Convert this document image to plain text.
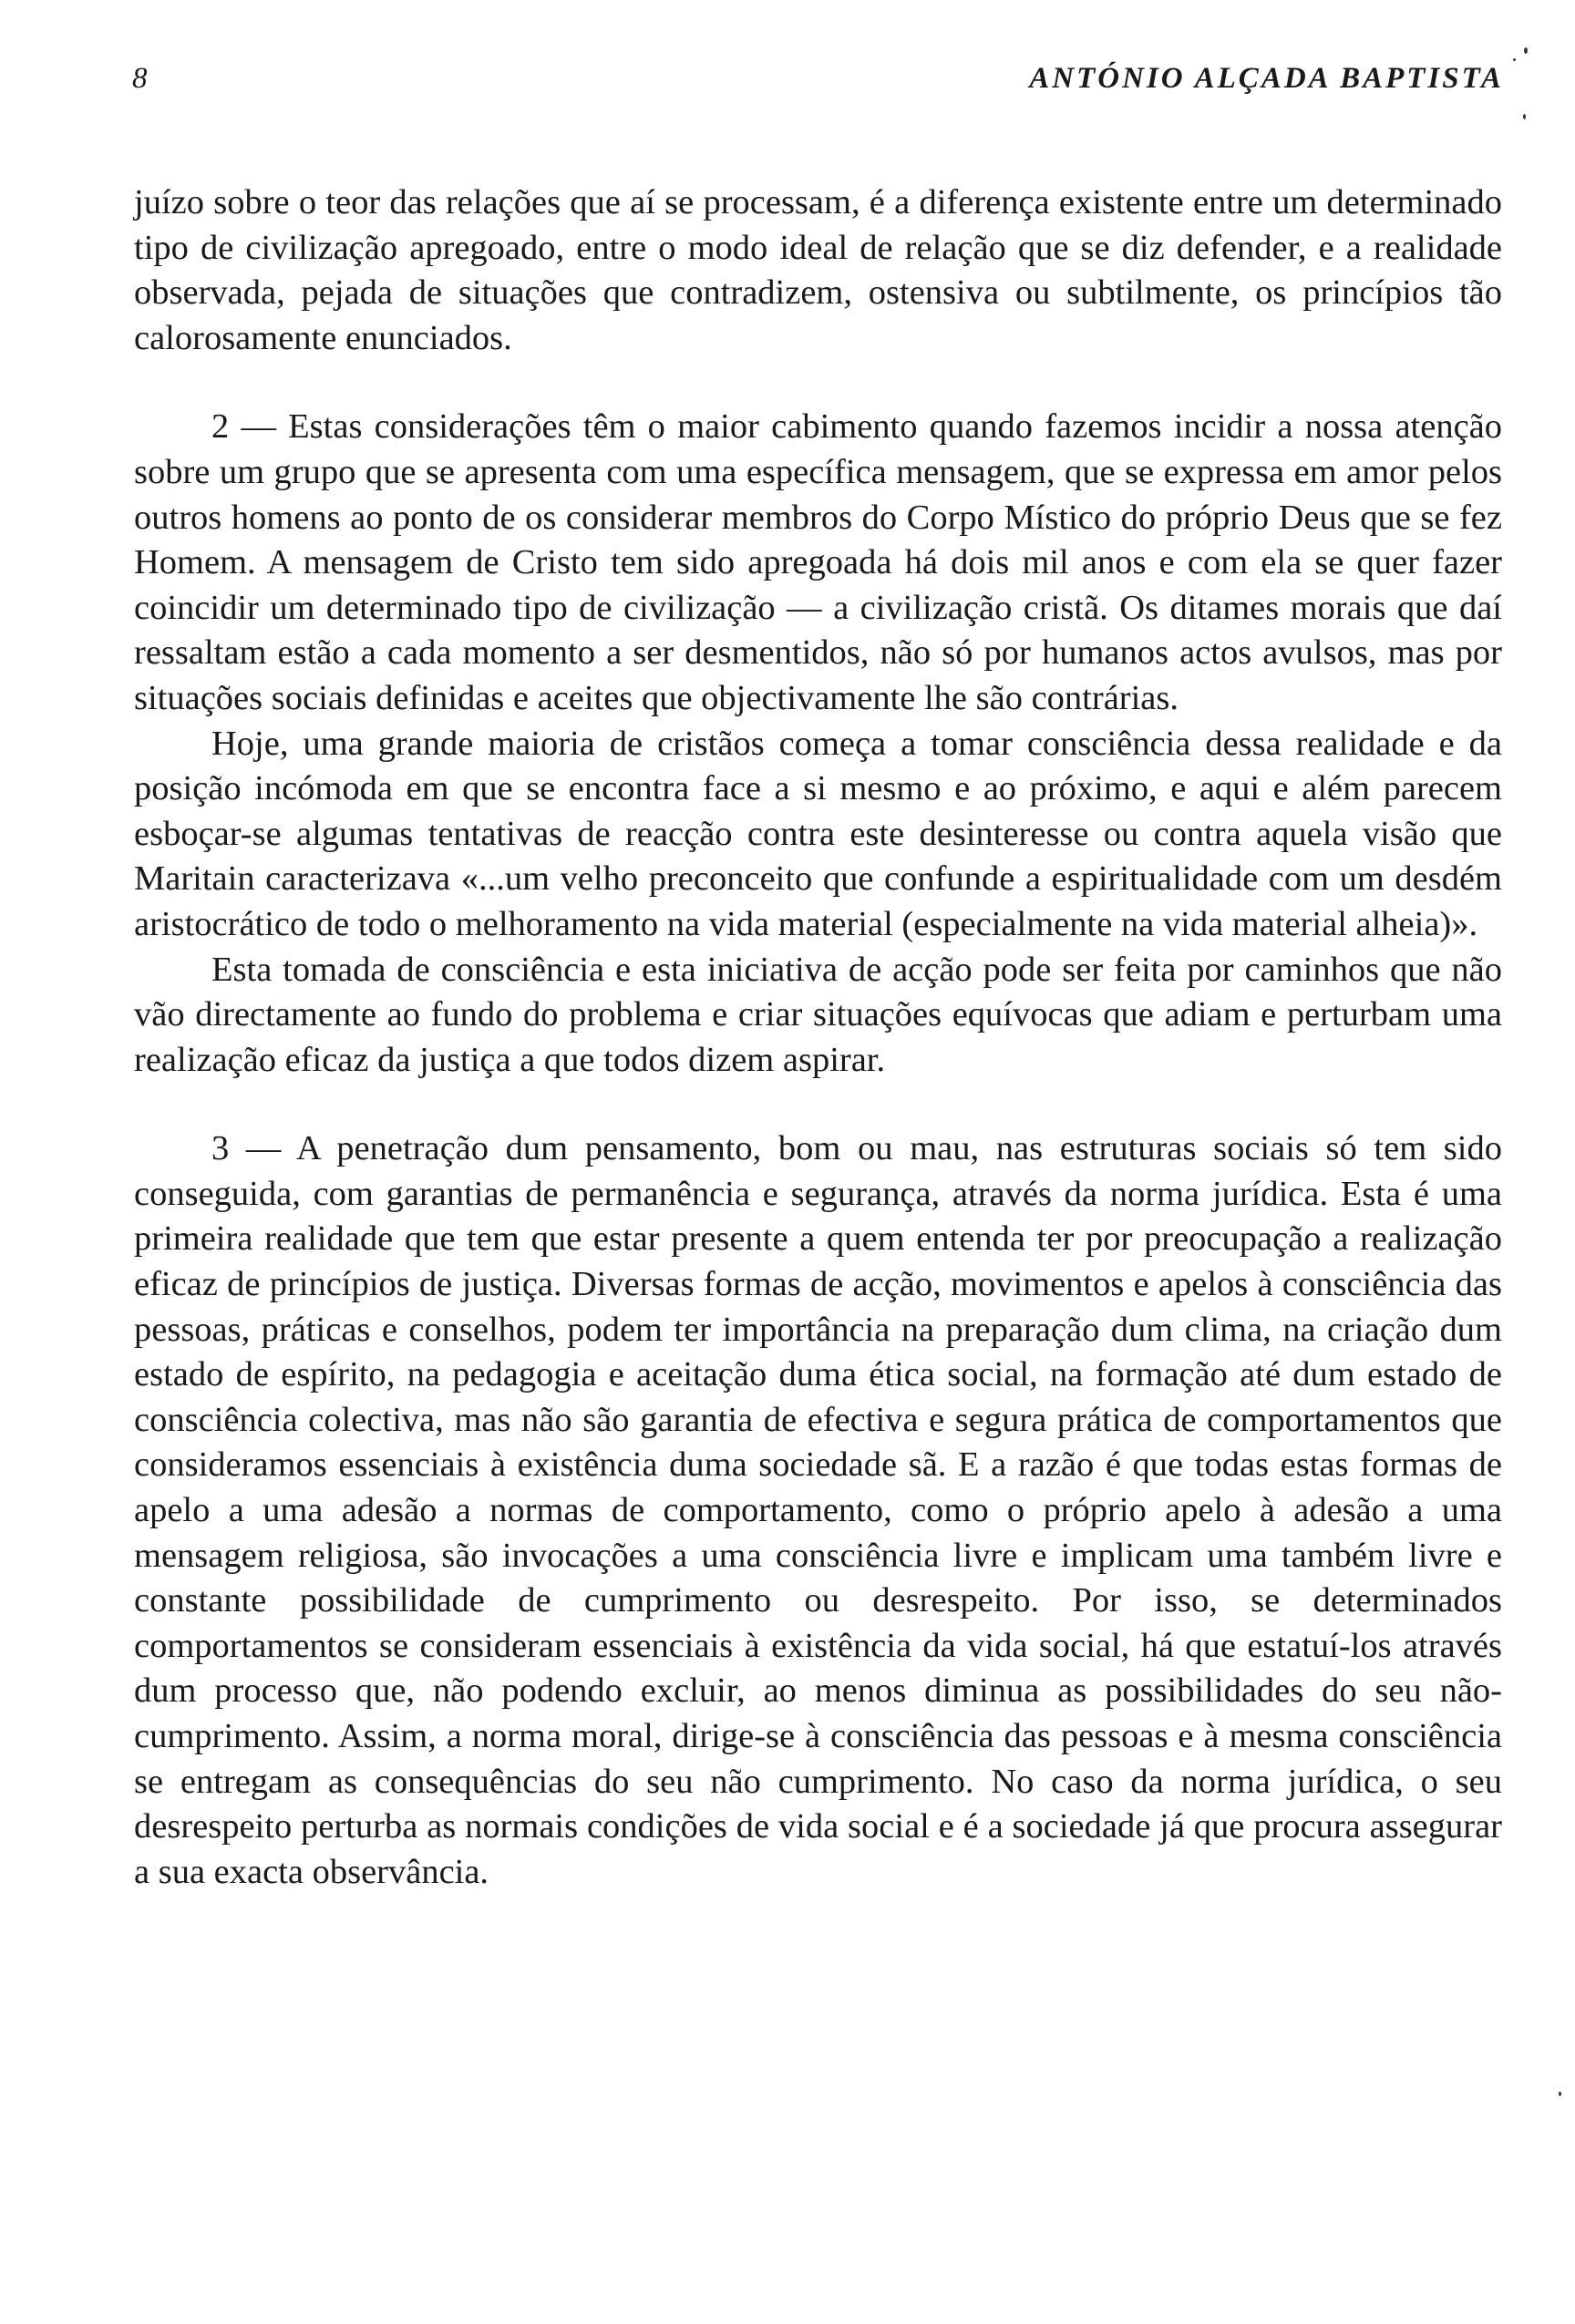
8	ANTÓNIO ALÇADA BAPTISTA

juízo sobre o teor das relações que aí se processam, é a diferença existente entre um determinado tipo de civilização apregoado, entre o modo ideal de relação que se diz defender, e a realidade observada, pejada de situações que contradizem, ostensiva ou subtilmente, os princípios tão calorosamente enunciados.

2 — Estas considerações têm o maior cabimento quando fazemos incidir a nossa atenção sobre um grupo que se apresenta com uma específica mensagem, que se expressa em amor pelos outros homens ao ponto de os considerar membros do Corpo Místico do próprio Deus que se fez Homem. A mensagem de Cristo tem sido apregoada há dois mil anos e com ela se quer fazer coincidir um determinado tipo de civilização — a civilização cristã. Os ditames morais que daí ressaltam estão a cada momento a ser desmentidos, não só por humanos actos avulsos, mas por situações sociais definidas e aceites que objectivamente lhe são contrárias.

Hoje, uma grande maioria de cristãos começa a tomar consciência dessa realidade e da posição incómoda em que se encontra face a si mesmo e ao próximo, e aqui e além parecem esboçar-se algumas tentativas de reacção contra este desinteresse ou contra aquela visão que Maritain caracterizava «...um velho preconceito que confunde a espiritualidade com um desdém aristocrático de todo o melhoramento na vida material (especialmente na vida material alheia)».

Esta tomada de consciência e esta iniciativa de acção pode ser feita por caminhos que não vão directamente ao fundo do problema e criar situações equívocas que adiam e perturbam uma realização eficaz da justiça a que todos dizem aspirar.

3 — A penetração dum pensamento, bom ou mau, nas estruturas sociais só tem sido conseguida, com garantias de permanência e segurança, através da norma jurídica. Esta é uma primeira realidade que tem que estar presente a quem entenda ter por preocupação a realização eficaz de princípios de justiça. Diversas formas de acção, movimentos e apelos à consciência das pessoas, práticas e conselhos, podem ter importância na preparação dum clima, na criação dum estado de espírito, na pedagogia e aceitação duma ética social, na formação até dum estado de consciência colectiva, mas não são garantia de efectiva e segura prática de comportamentos que consideramos essenciais à existência duma sociedade sã. E a razão é que todas estas formas de apelo a uma adesão a normas de comportamento, como o próprio apelo à adesão a uma mensagem religiosa, são invocações a uma consciência livre e implicam uma também livre e constante possibilidade de cumprimento ou desrespeito. Por isso, se determinados comportamentos se consideram essenciais à existência da vida social, há que estatuí-los através dum processo que, não podendo excluir, ao menos diminua as possibilidades do seu não-cumprimento. Assim, a norma moral, dirige-se à consciência das pessoas e à mesma consciência se entregam as consequências do seu não cumprimento. No caso da norma jurídica, o seu desrespeito perturba as normais condições de vida social e é a sociedade já que procura assegurar a sua exacta observância.
